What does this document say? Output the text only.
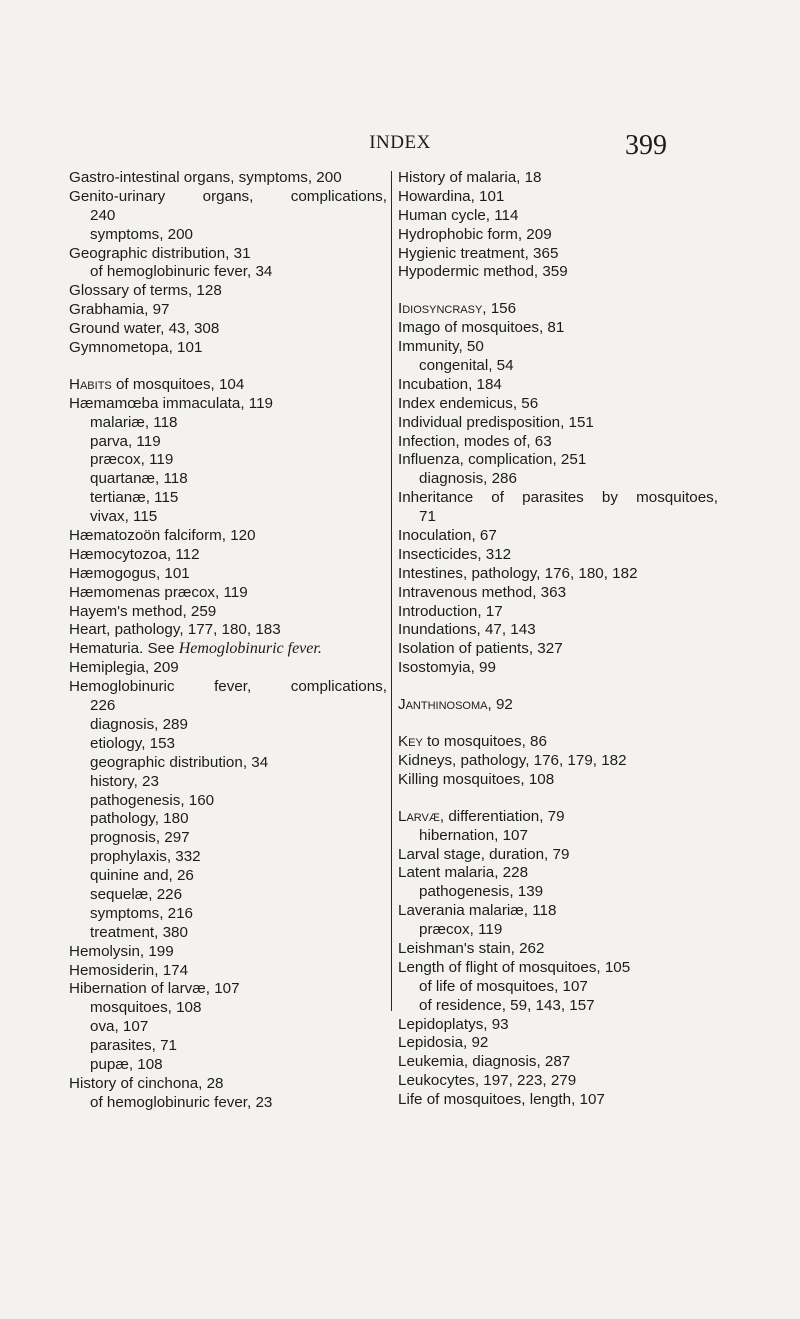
INDEX	399
Gastro-intestinal organs, symptoms, 200
Genito-urinary organs, complications,
240
symptoms, 200
Geographic distribution, 31
of hemoglobinuric fever, 34
Glossary of terms, 128
Grabhamia, 97
Ground water, 43, 308
Gymnometopa, 101
Habits of mosquitoes, 104
Hæmamœba immaculata, 119
malariæ, 118
parva, 119
præcox, 119
quartanæ, 118
tertianæ, 115
vivax, 115
Hæmatozoön falciform, 120
Hæmocytozoa, 112
Hæmogogus, 101
Hæmomenas præcox, 119
Hayem's method, 259
Heart, pathology, 177, 180, 183
Hematuria. See Hemoglobinuric fever.
Hemiplegia, 209
Hemoglobinuric fever, complications,
226
diagnosis, 289
etiology, 153
geographic distribution, 34
history, 23
pathogenesis, 160
pathology, 180
prognosis, 297
prophylaxis, 332
quinine and, 26
sequelæ, 226
symptoms, 216
treatment, 380
Hemolysin, 199
Hemosiderin, 174
Hibernation of larvæ, 107
mosquitoes, 108
ova, 107
parasites, 71
pupæ, 108
History of cinchona, 28
of hemoglobinuric fever, 23
History of malaria, 18
Howardina, 101
Human cycle, 114
Hydrophobic form, 209
Hygienic treatment, 365
Hypodermic method, 359
Idiosyncrasy, 156
Imago of mosquitoes, 81
Immunity, 50
congenital, 54
Incubation, 184
Index endemicus, 56
Individual predisposition, 151
Infection, modes of, 63
Influenza, complication, 251
diagnosis, 286
Inheritance of parasites by mosquitoes,
71
Inoculation, 67
Insecticides, 312
Intestines, pathology, 176, 180, 182
Intravenous method, 363
Introduction, 17
Inundations, 47, 143
Isolation of patients, 327
Isostomyia, 99
Janthinosoma, 92
Key to mosquitoes, 86
Kidneys, pathology, 176, 179, 182
Killing mosquitoes, 108
Larvæ, differentiation, 79
hibernation, 107
Larval stage, duration, 79
Latent malaria, 228
pathogenesis, 139
Laverania malariæ, 118
præcox, 119
Leishman's stain, 262
Length of flight of mosquitoes, 105
of life of mosquitoes, 107
of residence, 59, 143, 157
Lepidoplatys, 93
Lepidosia, 92
Leukemia, diagnosis, 287
Leukocytes, 197, 223, 279
Life of mosquitoes, length, 107
